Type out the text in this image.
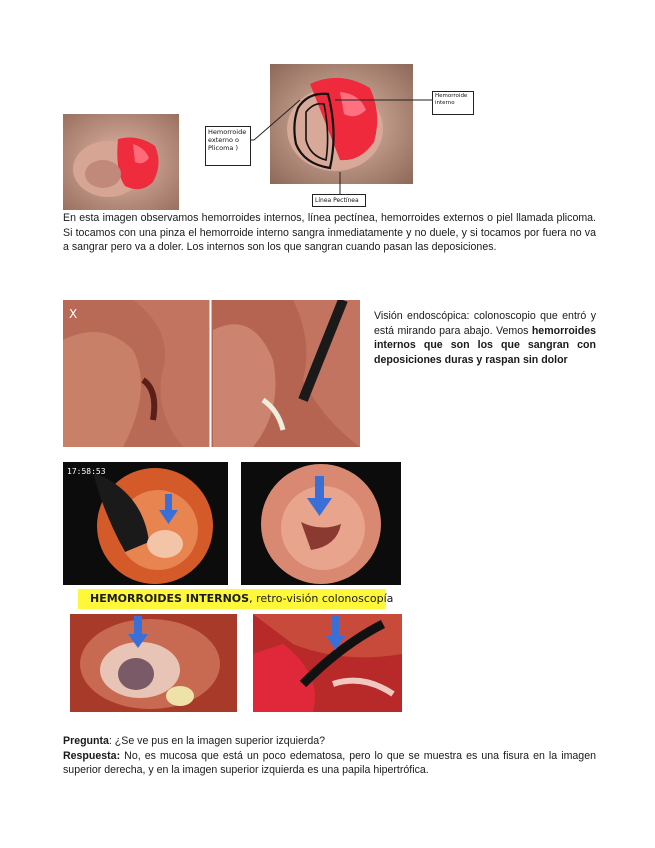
Hemorroide
interno
Hemorroide
externo o
Plicoma )
Línea Pectínea

En esta imagen observamos hemorroides internos, línea pectínea, hemorroides externos o piel llamada plicoma. Si tocamos con una pinza el hemorroide interno sangra inmediatamente y no duele, y si tocamos por fuera no va a sangrar pero va a doler. Los internos son los que sangran cuando pasan las deposiciones.

X	Visión endoscópica: colonoscopio que entró y está mirando para abajo. Vemos hemorroides internos que son los que sangran con deposiciones duras y raspan sin dolor

17:58:53
HEMORROIDES INTERNOS, retro-visión colonoscopía

Pregunta: ¿Se ve pus en la imagen superior izquierda?
Respuesta: No, es mucosa que está un poco edematosa, pero lo que se muestra es una fisura en la imagen superior derecha, y en la imagen superior izquierda es una papila hipertrófica.
